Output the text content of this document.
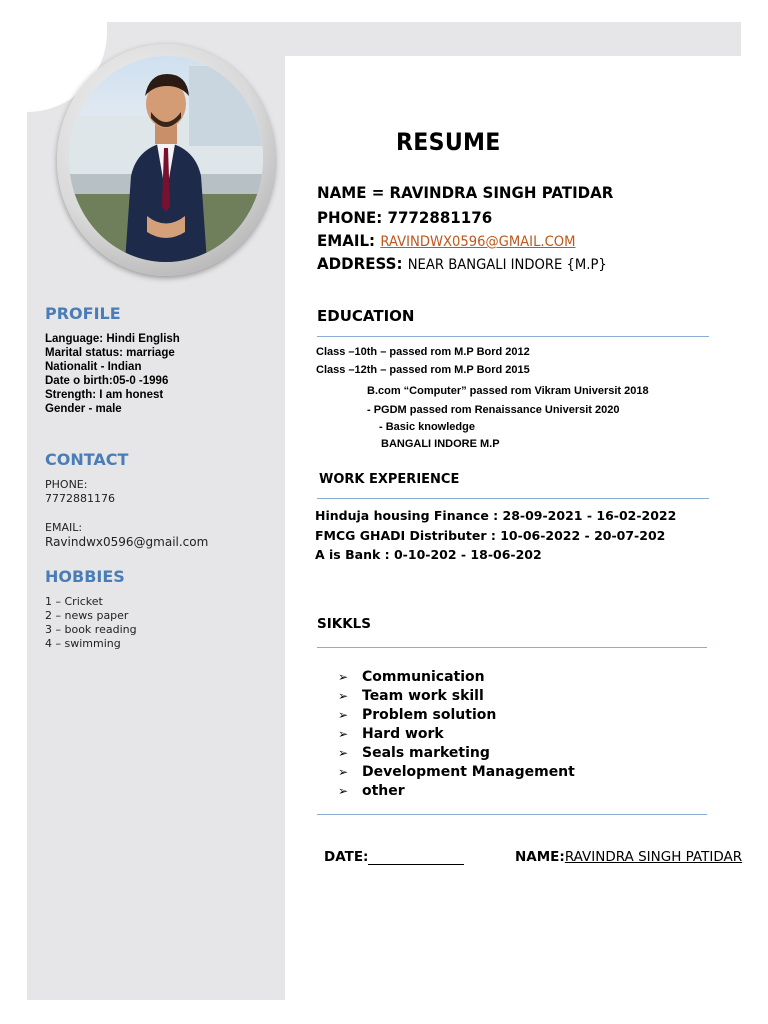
PROFILE
Language: Hindi English
Marital status: marriage
Nationalit - Indian
Date o birth:05-0 -1996
Strength: I am honest
Gender - male
CONTACT
PHONE:
7772881176
EMAIL:
Ravindwx0596@gmail.com
HOBBIES
1 – Cricket
2 – news paper
3 – book reading
4 – swimming
RESUME
NAME = RAVINDRA SINGH PATIDAR
PHONE: 7772881176
EMAIL: RAVINDWX0596@GMAIL.COM
ADDRESS: NEAR BANGALI INDORE {M.P}
EDUCATION
Class –10th – passed rom M.P Bord 2012
Class –12th – passed rom M.P Bord 2015
B.com “Computer” passed rom Vikram Universit 2018
- PGDM passed rom Renaissance Universit 2020
- Basic knowledge
BANGALI INDORE M.P
WORK EXPERIENCE
Hinduja housing Finance : 28-09-2021 - 16-02-2022
FMCG GHADI Distributer : 10-06-2022 - 20-07-202
A is Bank : 0-10-202 - 18-06-202
SIKKLS
➢ Communication
➢ Team work skill
➢ Problem solution
➢ Hard work
➢ Seals marketing
➢ Development Management
➢ other
DATE:	NAME:RAVINDRA SINGH PATIDAR
